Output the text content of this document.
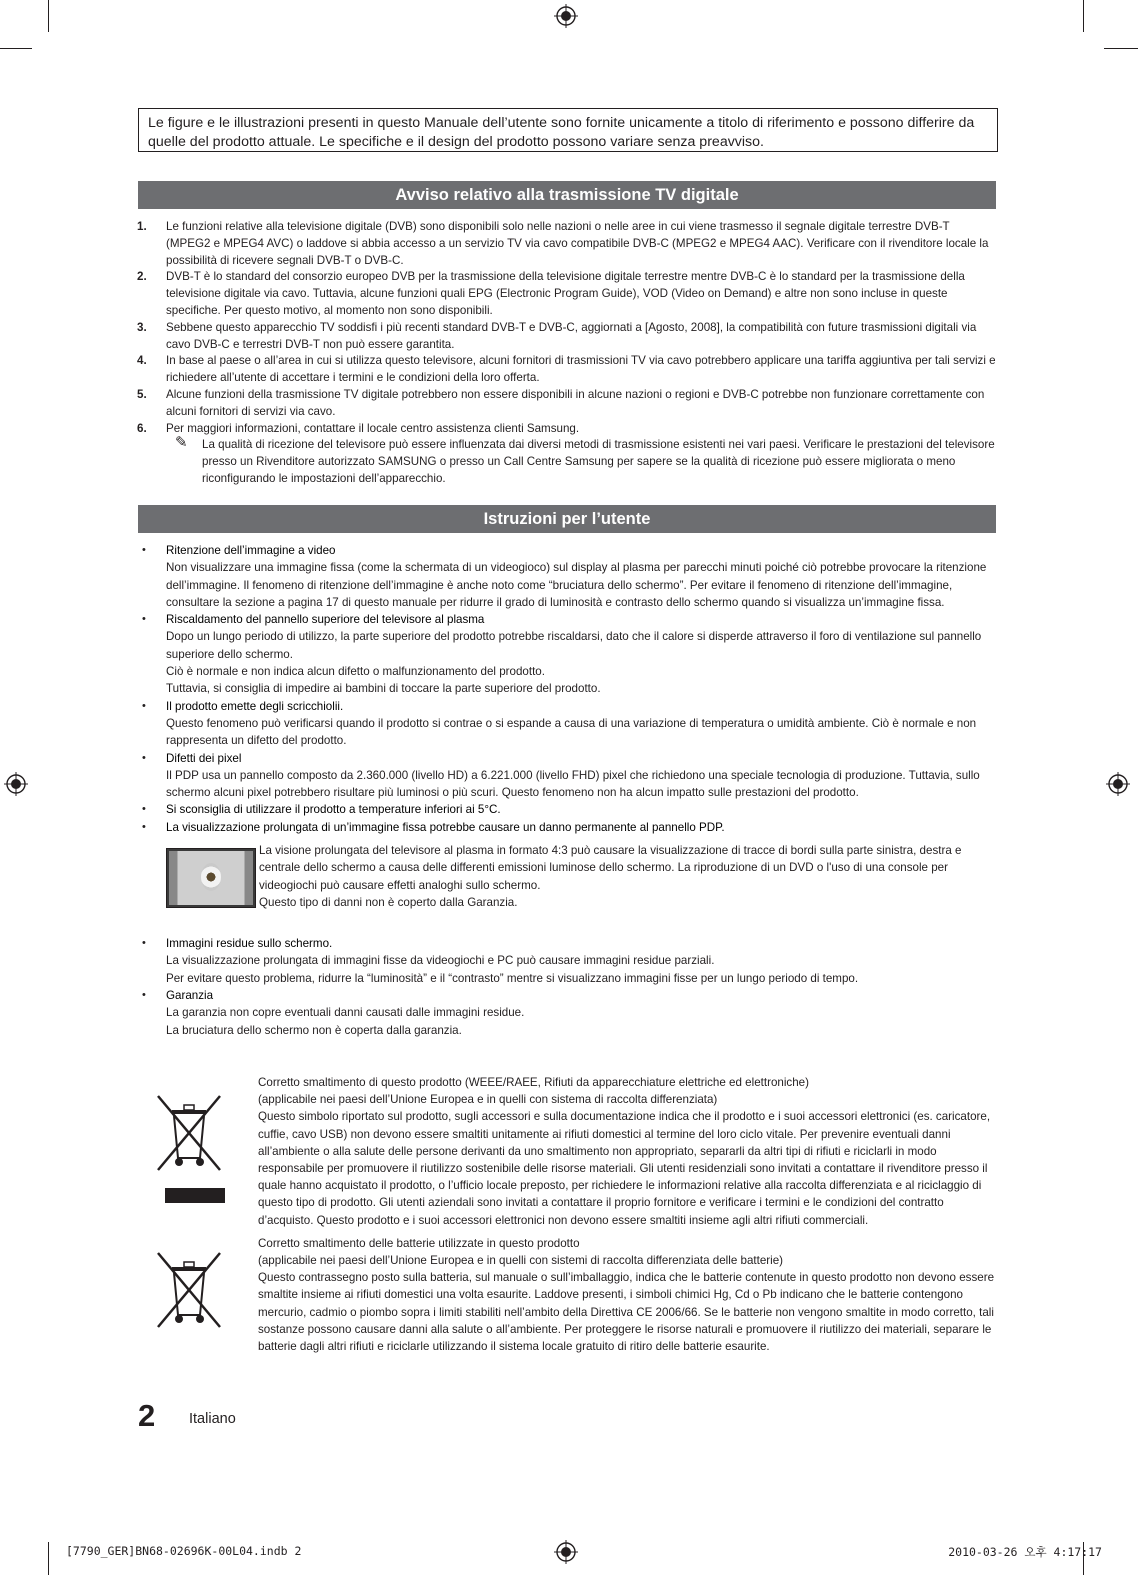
Le figure e le illustrazioni presenti in questo Manuale dell’utente sono fornite unicamente a titolo di riferimento e possono differire da quelle del prodotto attuale. Le specifiche e il design del prodotto possono variare senza preavviso.
Avviso relativo alla trasmissione TV digitale
1. Le funzioni relative alla televisione digitale (DVB) sono disponibili solo nelle nazioni o nelle aree in cui viene trasmesso il segnale digitale terrestre DVB-T (MPEG2 e MPEG4 AVC) o laddove si abbia accesso a un servizio TV via cavo compatibile DVB-C (MPEG2 e MPEG4 AAC). Verificare con il rivenditore locale la possibilità di ricevere segnali DVB-T o DVB-C.
2. DVB-T è lo standard del consorzio europeo DVB per la trasmissione della televisione digitale terrestre mentre DVB-C è lo standard per la trasmissione della televisione digitale via cavo. Tuttavia, alcune funzioni quali EPG (Electronic Program Guide), VOD (Video on Demand) e altre non sono incluse in queste specifiche. Per questo motivo, al momento non sono disponibili.
3. Sebbene questo apparecchio TV soddisfi i più recenti standard DVB-T e DVB-C, aggiornati a [Agosto, 2008], la compatibilità con future trasmissioni digitali via cavo DVB-C e terrestri DVB-T non può essere garantita.
4. In base al paese o all’area in cui si utilizza questo televisore, alcuni fornitori di trasmissioni TV via cavo potrebbero applicare una tariffa aggiuntiva per tali servizi e richiedere all’utente di accettare i termini e le condizioni della loro offerta.
5. Alcune funzioni della trasmissione TV digitale potrebbero non essere disponibili in alcune nazioni o regioni e DVB-C potrebbe non funzionare correttamente con alcuni fornitori di servizi via cavo.
6. Per maggiori informazioni, contattare il locale centro assistenza clienti Samsung.
✎ La qualità di ricezione del televisore può essere influenzata dai diversi metodi di trasmissione esistenti nei vari paesi. Verificare le prestazioni del televisore presso un Rivenditore autorizzato SAMSUNG o presso un Call Centre Samsung per sapere se la qualità di ricezione può essere migliorata o meno riconfigurando le impostazioni dell’apparecchio.
Istruzioni per l’utente
• Ritenzione dell’immagine a video
Non visualizzare una immagine fissa (come la schermata di un videogioco) sul display al plasma per parecchi minuti poiché ciò potrebbe provocare la ritenzione dell’immagine. Il fenomeno di ritenzione dell’immagine è anche noto come “bruciatura dello schermo”. Per evitare il fenomeno di ritenzione dell’immagine, consultare la sezione a pagina 17 di questo manuale per ridurre il grado di luminosità e contrasto dello schermo quando si visualizza un’immagine fissa.
• Riscaldamento del pannello superiore del televisore al plasma
Dopo un lungo periodo di utilizzo, la parte superiore del prodotto potrebbe riscaldarsi, dato che il calore si disperde attraverso il foro di ventilazione sul pannello superiore dello schermo.
Ciò è normale e non indica alcun difetto o malfunzionamento del prodotto.
Tuttavia, si consiglia di impedire ai bambini di toccare la parte superiore del prodotto.
• Il prodotto emette degli scricchiolii.
Questo fenomeno può verificarsi quando il prodotto si contrae o si espande a causa di una variazione di temperatura o umidità ambiente. Ciò è normale e non rappresenta un difetto del prodotto.
• Difetti dei pixel
Il PDP usa un pannello composto da 2.360.000 (livello HD) a 6.221.000 (livello FHD) pixel che richiedono una speciale tecnologia di produzione. Tuttavia, sullo schermo alcuni pixel potrebbero risultare più luminosi o più scuri. Questo fenomeno non ha alcun impatto sulle prestazioni del prodotto.
• Si sconsiglia di utilizzare il prodotto a temperature inferiori ai 5°C.
• La visualizzazione prolungata di un’immagine fissa potrebbe causare un danno permanente al pannello PDP.
La visione prolungata del televisore al plasma in formato 4:3 può causare la visualizzazione di tracce di bordi sulla parte sinistra, destra e centrale dello schermo a causa delle differenti emissioni luminose dello schermo. La riproduzione di un DVD o l'uso di una console per videogiochi può causare effetti analoghi sullo schermo.
Questo tipo di danni non è coperto dalla Garanzia.
• Immagini residue sullo schermo.
La visualizzazione prolungata di immagini fisse da videogiochi e PC può causare immagini residue parziali.
Per evitare questo problema, ridurre la “luminosità” e il “contrasto” mentre si visualizzano immagini fisse per un lungo periodo di tempo.
• Garanzia
La garanzia non copre eventuali danni causati dalle immagini residue.
La bruciatura dello schermo non è coperta dalla garanzia.
Corretto smaltimento di questo prodotto (WEEE/RAEE, Rifiuti da apparecchiature elettriche ed elettroniche)
(applicabile nei paesi dell’Unione Europea e in quelli con sistema di raccolta differenziata)
Questo simbolo riportato sul prodotto, sugli accessori e sulla documentazione indica che il prodotto e i suoi accessori elettronici (es. caricatore, cuffie, cavo USB) non devono essere smaltiti unitamente ai rifiuti domestici al termine del loro ciclo vitale. Per prevenire eventuali danni all’ambiente o alla salute delle persone derivanti da uno smaltimento non appropriato, separarli da altri tipi di rifiuti e riciclarli in modo responsabile per promuovere il riutilizzo sostenibile delle risorse materiali. Gli utenti residenziali sono invitati a contattare il rivenditore presso il quale hanno acquistato il prodotto, o l’ufficio locale preposto, per richiedere le informazioni relative alla raccolta differenziata e al riciclaggio di questo tipo di prodotto. Gli utenti aziendali sono invitati a contattare il proprio fornitore e verificare i termini e le condizioni del contratto d’acquisto. Questo prodotto e i suoi accessori elettronici non devono essere smaltiti insieme agli altri rifiuti commerciali.
Corretto smaltimento delle batterie utilizzate in questo prodotto
(applicabile nei paesi dell’Unione Europea e in quelli con sistemi di raccolta differenziata delle batterie)
Questo contrassegno posto sulla batteria, sul manuale o sull’imballaggio, indica che le batterie contenute in questo prodotto non devono essere smaltite insieme ai rifiuti domestici una volta esaurite. Laddove presenti, i simboli chimici Hg, Cd o Pb indicano che le batterie contengono mercurio, cadmio o piombo sopra i limiti stabiliti nell’ambito della Direttiva CE 2006/66. Se le batterie non vengono smaltite in modo corretto, tali sostanze possono causare danni alla salute o all’ambiente. Per proteggere le risorse naturali e promuovere il riutilizzo dei materiali, separare le batterie dagli altri rifiuti e riciclarle utilizzando il sistema locale gratuito di ritiro delle batterie esaurite.
2 Italiano
[7790_GER]BN68-02696K-00L04.indb 2	2010-03-26 오후 4:17:17
